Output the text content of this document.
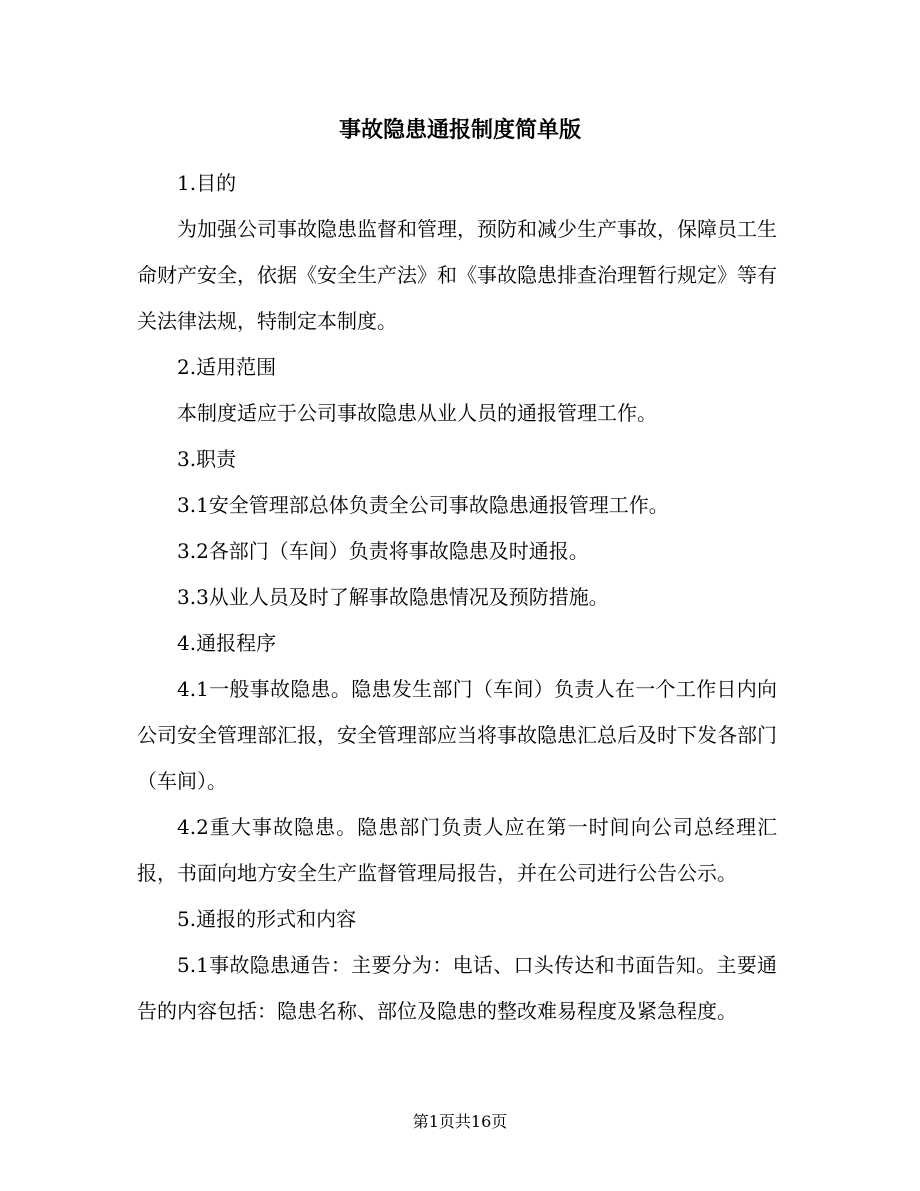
事故隐患通报制度简单版

1.目的

为加强公司事故隐患监督和管理，预防和减少生产事故，保障员工生命财产安全，依据《安全生产法》和《事故隐患排查治理暂行规定》等有关法律法规，特制定本制度。

2.适用范围

本制度适应于公司事故隐患从业人员的通报管理工作。

3.职责

3.1安全管理部总体负责全公司事故隐患通报管理工作。

3.2各部门（车间）负责将事故隐患及时通报。

3.3从业人员及时了解事故隐患情况及预防措施。

4.通报程序

4.1一般事故隐患。隐患发生部门（车间）负责人在一个工作日内向公司安全管理部汇报，安全管理部应当将事故隐患汇总后及时下发各部门（车间）。

4.2重大事故隐患。隐患部门负责人应在第一时间向公司总经理汇报，书面向地方安全生产监督管理局报告，并在公司进行公告公示。

5.通报的形式和内容

5.1事故隐患通告：主要分为：电话、口头传达和书面告知。主要通告的内容包括：隐患名称、部位及隐患的整改难易程度及紧急程度。

第1页共16页
